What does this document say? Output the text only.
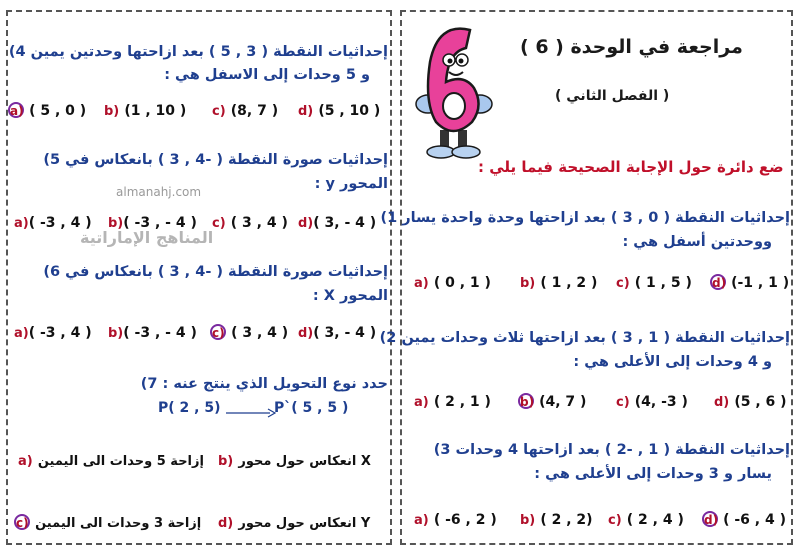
مراجعة في الوحدة ( 6 )
( الفصل الثاني )
ضع دائرة حول الإجابة الصحيحة فيما يلي :
إحداثيات النقطة ( 0 , 3 ) بعد ازاحتها وحدة واحدة يسار 1)
ووحدتين أسفل هي :
a) ( 0 , 1 ) b) ( 1 , 2 ) c) ( 1 , 5 ) d) (-1 , 1 )
إحداثيات النقطة ( 1 , 3 ) بعد ازاحتها ثلاث وحدات يمين 2)
و 4 وحدات إلى الأعلى هي :
a) ( 2 , 1 ) b) (4, 7 ) c) (4, -3 ) d) (5 , 6 )
إحداثيات النقطة ( 1 , -2 ) بعد ازاحتها 4 وحدات 3)
يسار و 3 وحدات إلى الأعلى هي :
a) ( -6 , 2 ) b) ( 2 , 2) c) ( 2 , 4 ) d) ( -6 , 4 )
إحداثيات النقطة ( 3 , 5 ) بعد ازاحتها وحدتين يمين 4)
و 5 وحدات إلى الاسفل هي :
a) ( 5 , 0 ) b) (1 , 10 ) c) (8, 7 ) d) (5 , 10 )
إحداثيات صورة النقطة ( -4 , 3 ) بانعكاس في 5)
المحور y :
almanahj.com
المناهج الإماراتية
a)( -3 , 4 ) b)( -3 , - 4 ) c) ( 3 , 4 ) d)( 3, - 4 )
إحداثيات صورة النقطة ( -4 , 3 ) بانعكاس في 6)
المحور X :
a)( -3 , 4 ) b)( -3 , - 4 ) c) ( 3 , 4 ) d)( 3, - 4 )
حدد نوع التحويل الذي ينتج عنه : 7)
P( 2 , 5)	P`( 5 , 5 )
a) إزاحة 5 وحدات الى اليمين b) انعكاس حول محور X
c) إزاحة 3 وحدات الى اليمين d) انعكاس حول محور Y
